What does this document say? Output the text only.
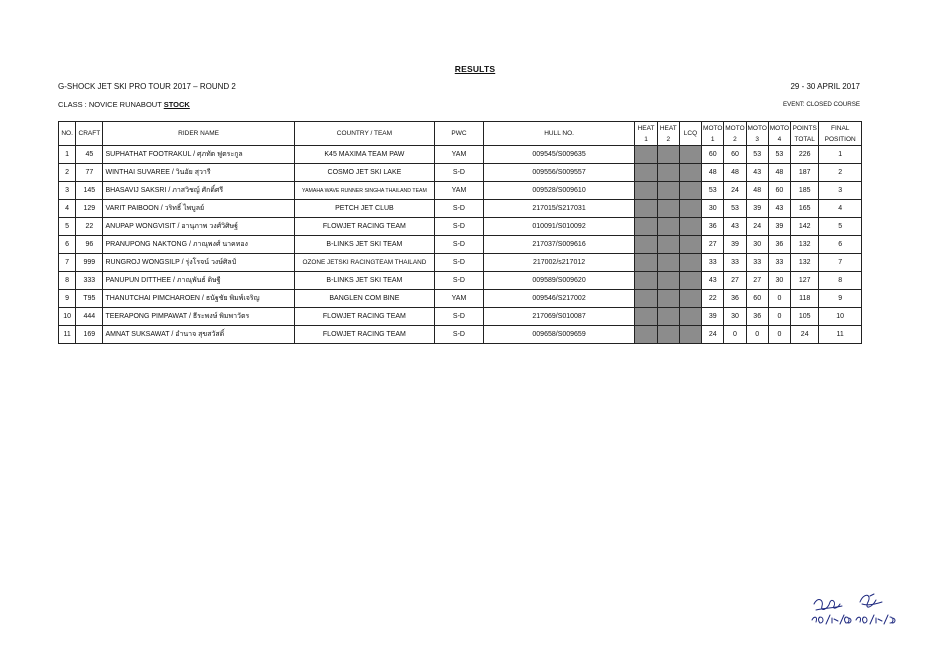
RESULTS
G-SHOCK JET SKI PRO TOUR 2017 – ROUND 2	29 - 30 APRIL 2017
CLASS : NOVICE RUNABOUT STOCK	EVENT: CLOSED COURSE
NO.	CRAFT	RIDER NAME	COUNTRY / TEAM	PWC	HULL NO.	HEAT	HEAT	LCQ	MOTO	MOTO	MOTO	MOTO	POINTS	FINAL
						1	2		1	2	3	4	TOTAL	POSITION
1	45	SUPHATHAT FOOTRAKUL / ศุภทัต ฟูตระกูล	K45 MAXIMA TEAM PAW	YAM	009545/S009635				60	60	53	53	226	1
2	77	WINTHAI SUVAREE / วินอัย สุวารี	COSMO JET SKI LAKE	S-D	009556/S009557				48	48	43	48	187	2
3	145	BHASAVIJ SAKSRI / ภาสวิชญ์ ศักดิ์ศรี	YAMAHA WAVE RUNNER SINGHA THAILAND TEAM	YAM	009528/S009610				53	24	48	60	185	3
4	129	VARIT PAIBOON / วริทธิ์ ไพบูลย์	PETCH JET CLUB	S-D	217015/S217031				30	53	39	43	165	4
5	22	ANUPAP WONGVISIT / อานุภาพ วงศ์วิศิษฐ์	FLOWJET RACING TEAM	S-D	010091/S010092				36	43	24	39	142	5
6	96	PRANUPONG NAKTONG / ภาณุพงศ์ นาคทอง	B-LINKS JET SKI TEAM	S-D	217037/S009616				27	39	30	36	132	6
7	999	RUNGROJ WONGSILP / รุ่งโรจน์ วงษ์ศิลป์	OZONE JETSKI RACINGTEAM THAILAND	S-D	217002/s217012				33	33	33	33	132	7
8	333	PANUPUN DITTHEE / ภาณุพันธ์ ดิษฐี	B-LINKS JET SKI TEAM	S-D	009589/S009620				43	27	27	30	127	8
9	T95	THANUTCHAI PIMCHAROEN / ธนัฐชัย พิมพ์เจริญ	BANGLEN COM BINE	YAM	009546/S217002				22	36	60	0	118	9
10	444	TEERAPONG PIMPAWAT / ธีระพงษ์ พิมพาวัตร	FLOWJET RACING TEAM	S-D	217069/S010087				39	30	36	0	105	10
11	169	AMNAT SUKSAWAT / อำนาจ สุขสวัสดิ์	FLOWJET RACING TEAM	S-D	009658/S009659				24	0	0	0	24	11
